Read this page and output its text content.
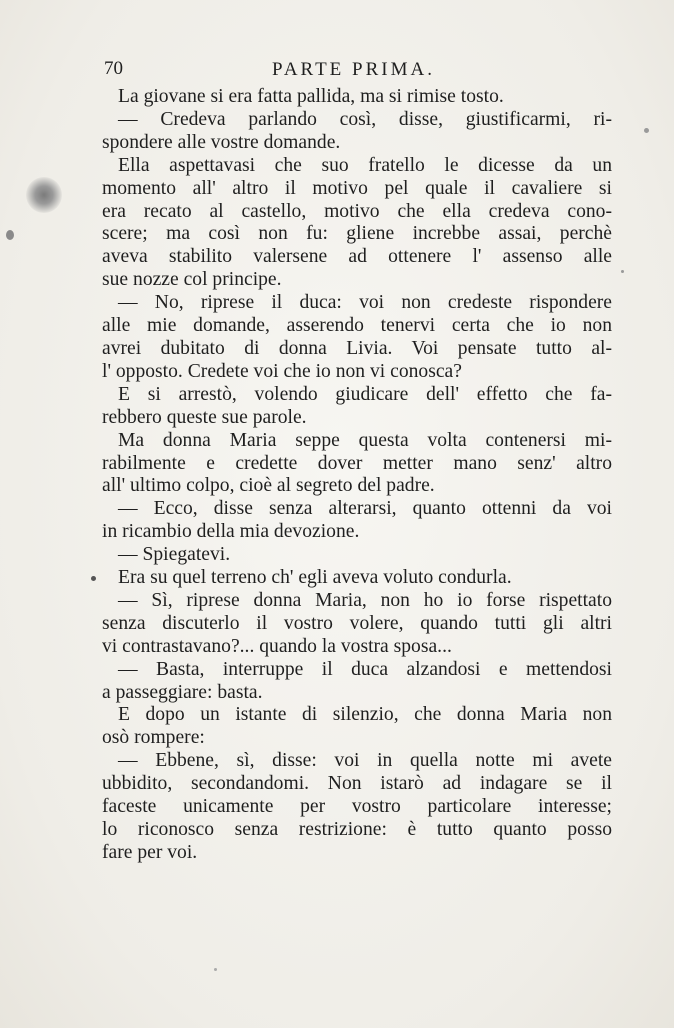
70	PARTE PRIMA.
La giovane si era fatta pallida, ma si rimise tosto.
— Credeva parlando così, disse, giustificarmi, ri-
spondere alle vostre domande.
Ella aspettavasi che suo fratello le dicesse da un
momento all' altro il motivo pel quale il cavaliere si
era recato al castello, motivo che ella credeva cono-
scere; ma così non fu: gliene increbbe assai, perchè
aveva stabilito valersene ad ottenere l' assenso alle
sue nozze col principe.
— No, riprese il duca: voi non credeste rispondere
alle mie domande, asserendo tenervi certa che io non
avrei dubitato di donna Livia. Voi pensate tutto al-
l' opposto. Credete voi che io non vi conosca?
E si arrestò, volendo giudicare dell' effetto che fa-
rebbero queste sue parole.
Ma donna Maria seppe questa volta contenersi mi-
rabilmente e credette dover metter mano senz' altro
all' ultimo colpo, cioè al segreto del padre.
— Ecco, disse senza alterarsi, quanto ottenni da voi
in ricambio della mia devozione.
— Spiegatevi.
Era su quel terreno ch' egli aveva voluto condurla.
— Sì, riprese donna Maria, non ho io forse rispettato
senza discuterlo il vostro volere, quando tutti gli altri
vi contrastavano?... quando la vostra sposa...
— Basta, interruppe il duca alzandosi e mettendosi
a passeggiare: basta.
E dopo un istante di silenzio, che donna Maria non
osò rompere:
— Ebbene, sì, disse: voi in quella notte mi avete
ubbidito, secondandomi. Non istarò ad indagare se il
faceste unicamente per vostro particolare interesse;
lo riconosco senza restrizione: è tutto quanto posso
fare per voi.
